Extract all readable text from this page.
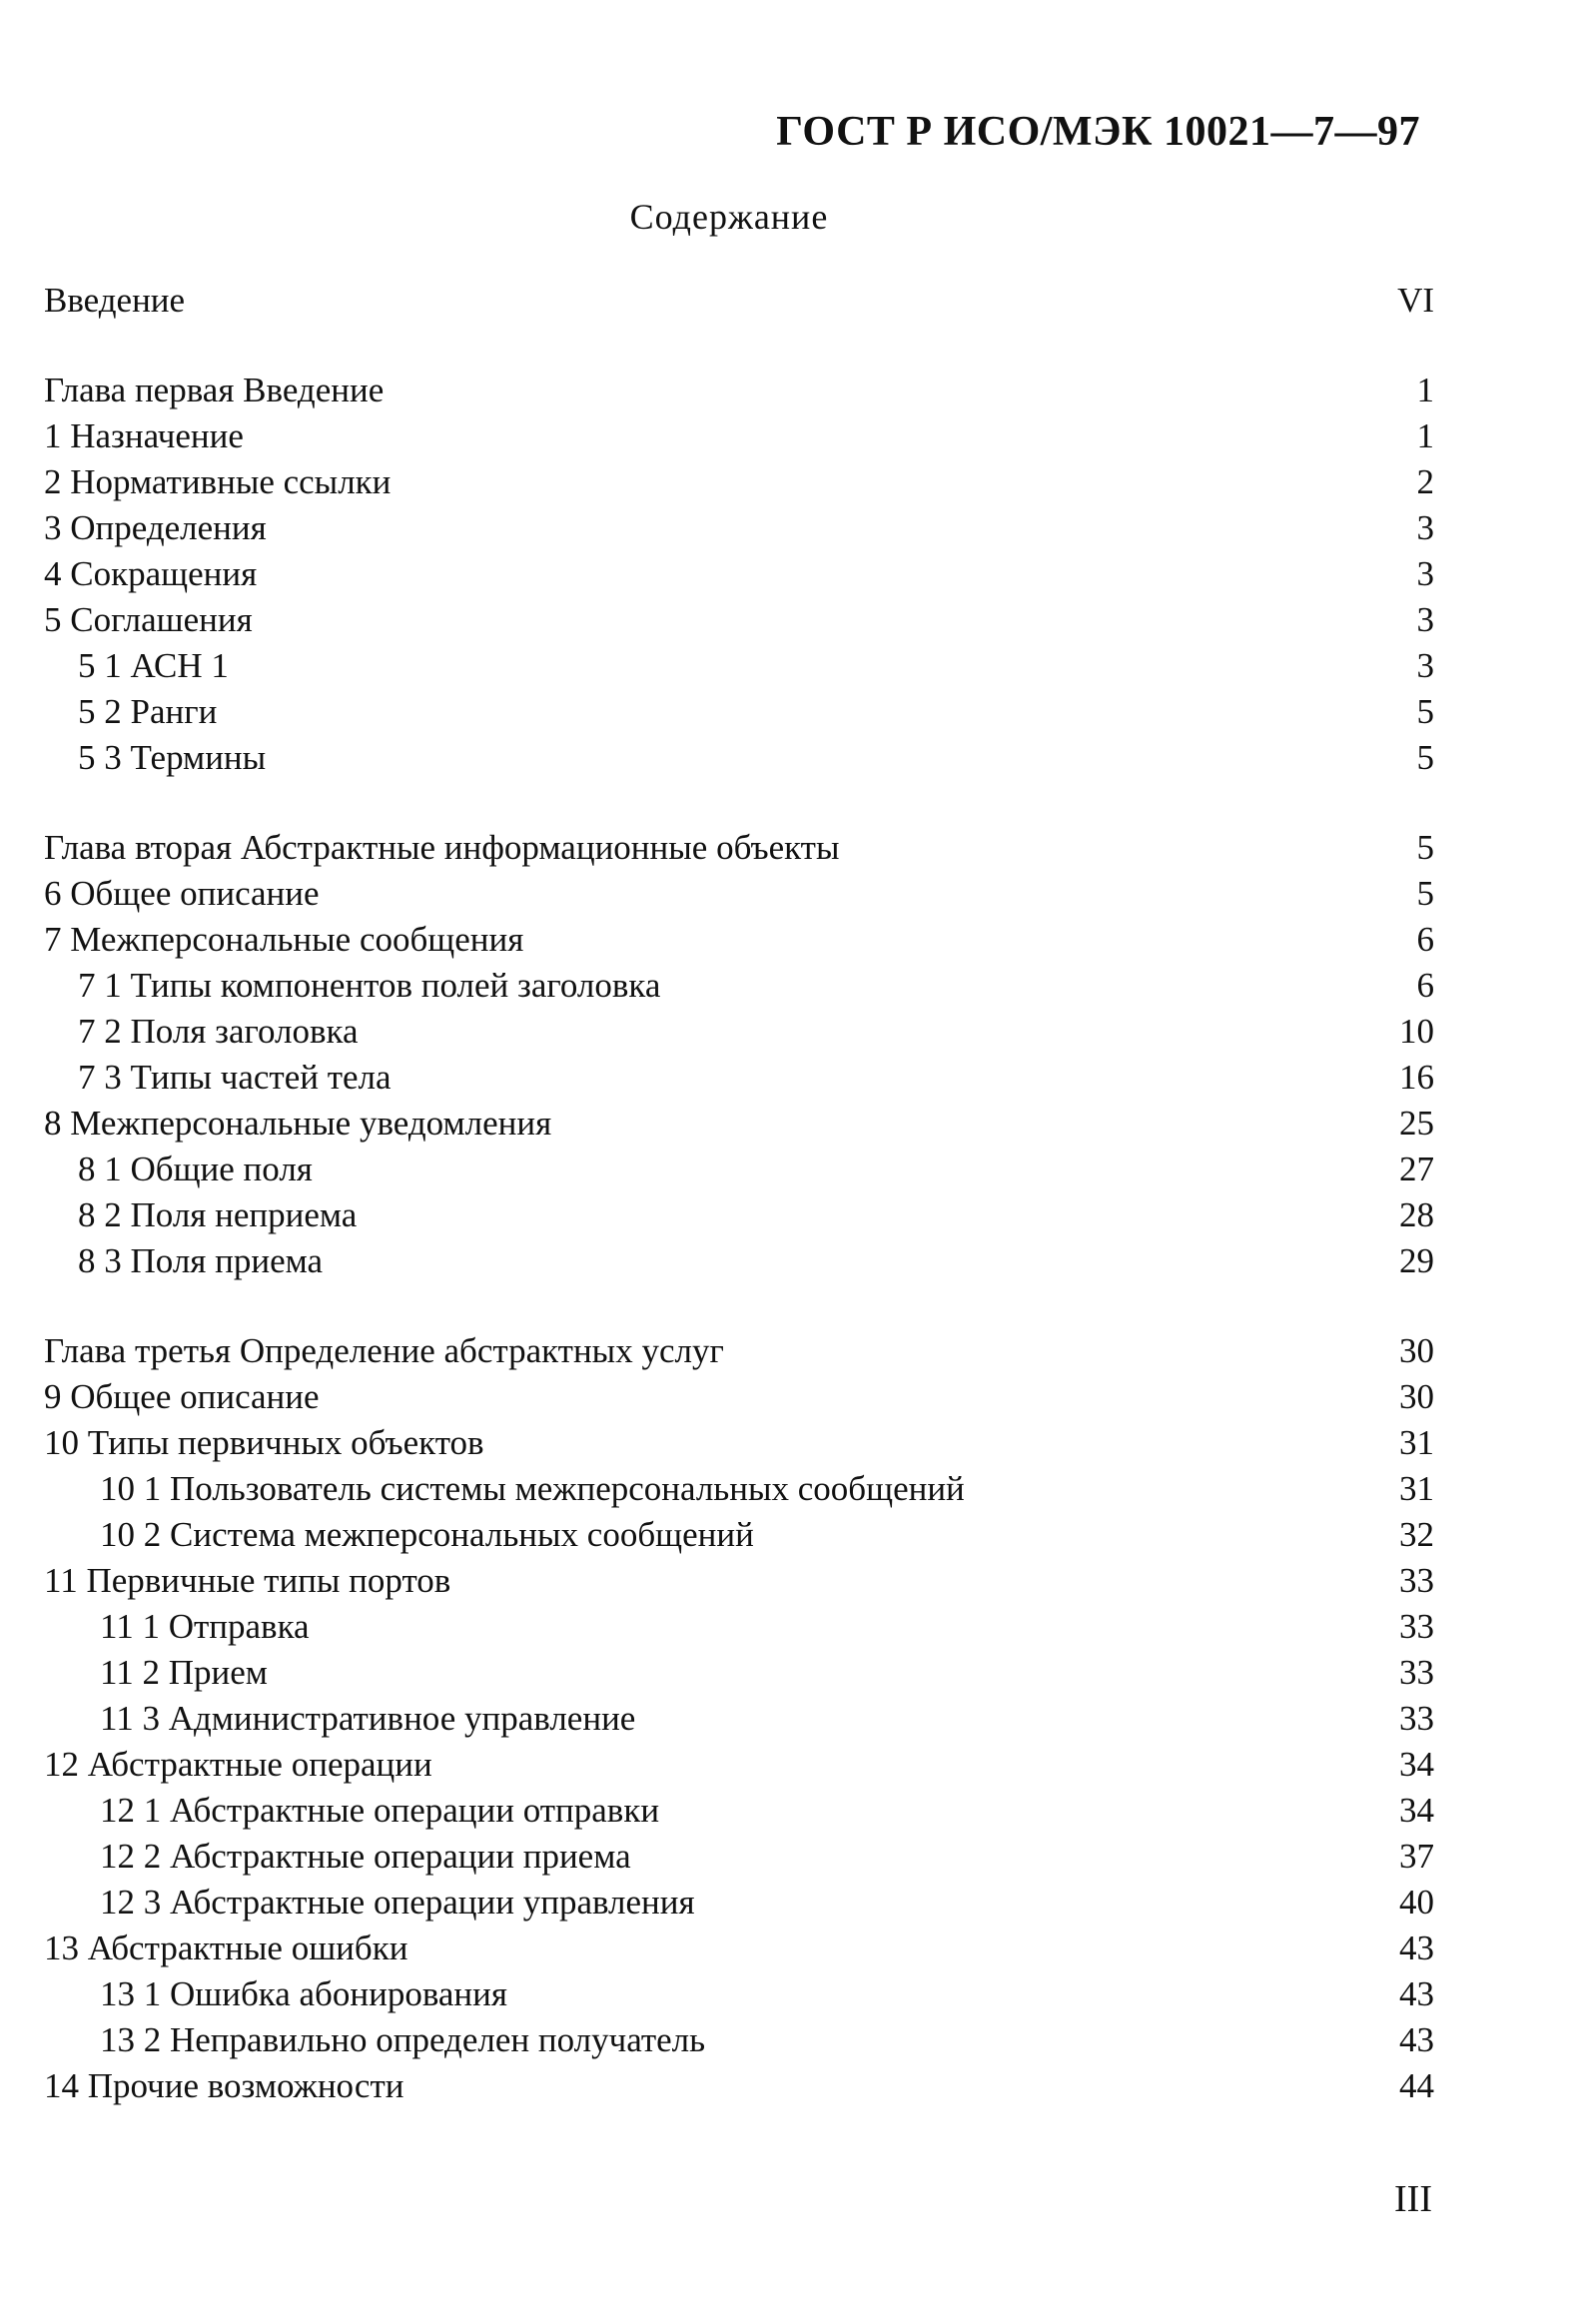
ГОСТ Р ИСО/МЭК 10021—7—97
Содержание
Введение	VI
Глава первая Введение	1
1 Назначение	1
2 Нормативные ссылки	2
3 Определения	3
4 Сокращения	3
5 Соглашения	3
5 1 АСН 1	3
5 2 Ранги	5
5 3 Термины	5
Глава вторая Абстрактные информационные объекты	5
6 Общее описание	5
7 Межперсональные сообщения	6
7 1 Типы компонентов полей заголовка	6
7 2 Поля заголовка	10
7 3 Типы частей тела	16
8 Межперсональные уведомления	25
8 1 Общие поля	27
8 2 Поля неприема	28
8 3 Поля приема	29
Глава третья Определение абстрактных услуг	30
9 Общее описание	30
10 Типы первичных объектов	31
10 1 Пользователь системы межперсональных сообщений	31
10 2 Система межперсональных сообщений	32
11 Первичные типы портов	33
11 1 Отправка	33
11 2 Прием	33
11 3 Административное управление	33
12 Абстрактные операции	34
12 1 Абстрактные операции отправки	34
12 2 Абстрактные операции приема	37
12 3 Абстрактные операции управления	40
13 Абстрактные ошибки	43
13 1 Ошибка абонирования	43
13 2 Неправильно определен получатель	43
14 Прочие возможности	44
III
